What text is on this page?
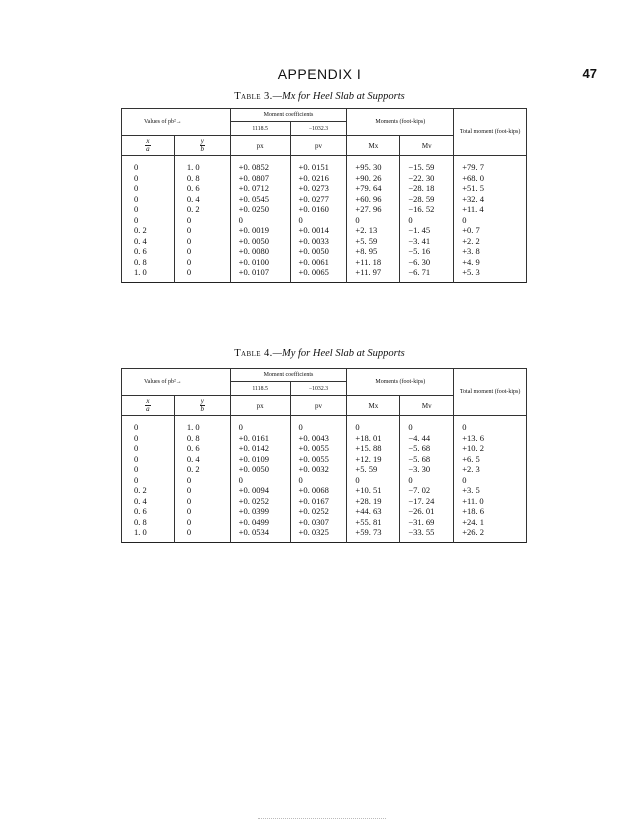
APPENDIX I	47
Table 3.—Mx for Heel Slab at Supports
Values of pb²→		Moment coefficients		Moments (foot-kips)		Total moment (foot-kips)
		1118.5	−1032.3			

$\frac{x}{a}$	$\frac{y}{b}$	px	pv	Mx	Mv	

0	1. 0	+0. 0852	+0. 0151	+95. 30	−15. 59	+79. 7
0	0. 8	+0. 0807	+0. 0216	+90. 26	−22. 30	+68. 0
0	0. 6	+0. 0712	+0. 0273	+79. 64	−28. 18	+51. 5
0	0. 4	+0. 0545	+0. 0277	+60. 96	−28. 59	+32. 4
0	0. 2	+0. 0250	+0. 0160	+27. 96	−16. 52	+11. 4
0	0	0	0	0	0	0
0. 2	0	+0. 0019	+0. 0014	+2. 13	−1. 45	+0. 7
0. 4	0	+0. 0050	+0. 0033	+5. 59	−3. 41	+2. 2
0. 6	0	+0. 0080	+0. 0050	+8. 95	−5. 16	+3. 8
0. 8	0	+0. 0100	+0. 0061	+11. 18	−6. 30	+4. 9
1. 0	0	+0. 0107	+0. 0065	+11. 97	−6. 71	+5. 3

Table 4.—My for Heel Slab at Supports
Values of pb²→		Moment coefficients		Moments (foot-kips)		Total moment (foot-kips)
		1118.5	−1032.3			

$\frac{x}{a}$	$\frac{y}{b}$	px	pv	Mx	Mv	

0	1. 0	0	0	0	0	0
0	0. 8	+0. 0161	+0. 0043	+18. 01	−4. 44	+13. 6
0	0. 6	+0. 0142	+0. 0055	+15. 88	−5. 68	+10. 2
0	0. 4	+0. 0109	+0. 0055	+12. 19	−5. 68	+6. 5
0	0. 2	+0. 0050	+0. 0032	+5. 59	−3. 30	+2. 3
0	0	0	0	0	0	0
0. 2	0	+0. 0094	+0. 0068	+10. 51	−7. 02	+3. 5
0. 4	0	+0. 0252	+0. 0167	+28. 19	−17. 24	+11. 0
0. 6	0	+0. 0399	+0. 0252	+44. 63	−26. 01	+18. 6
0. 8	0	+0. 0499	+0. 0307	+55. 81	−31. 69	+24. 1
1. 0	0	+0. 0534	+0. 0325	+59. 73	−33. 55	+26. 2
